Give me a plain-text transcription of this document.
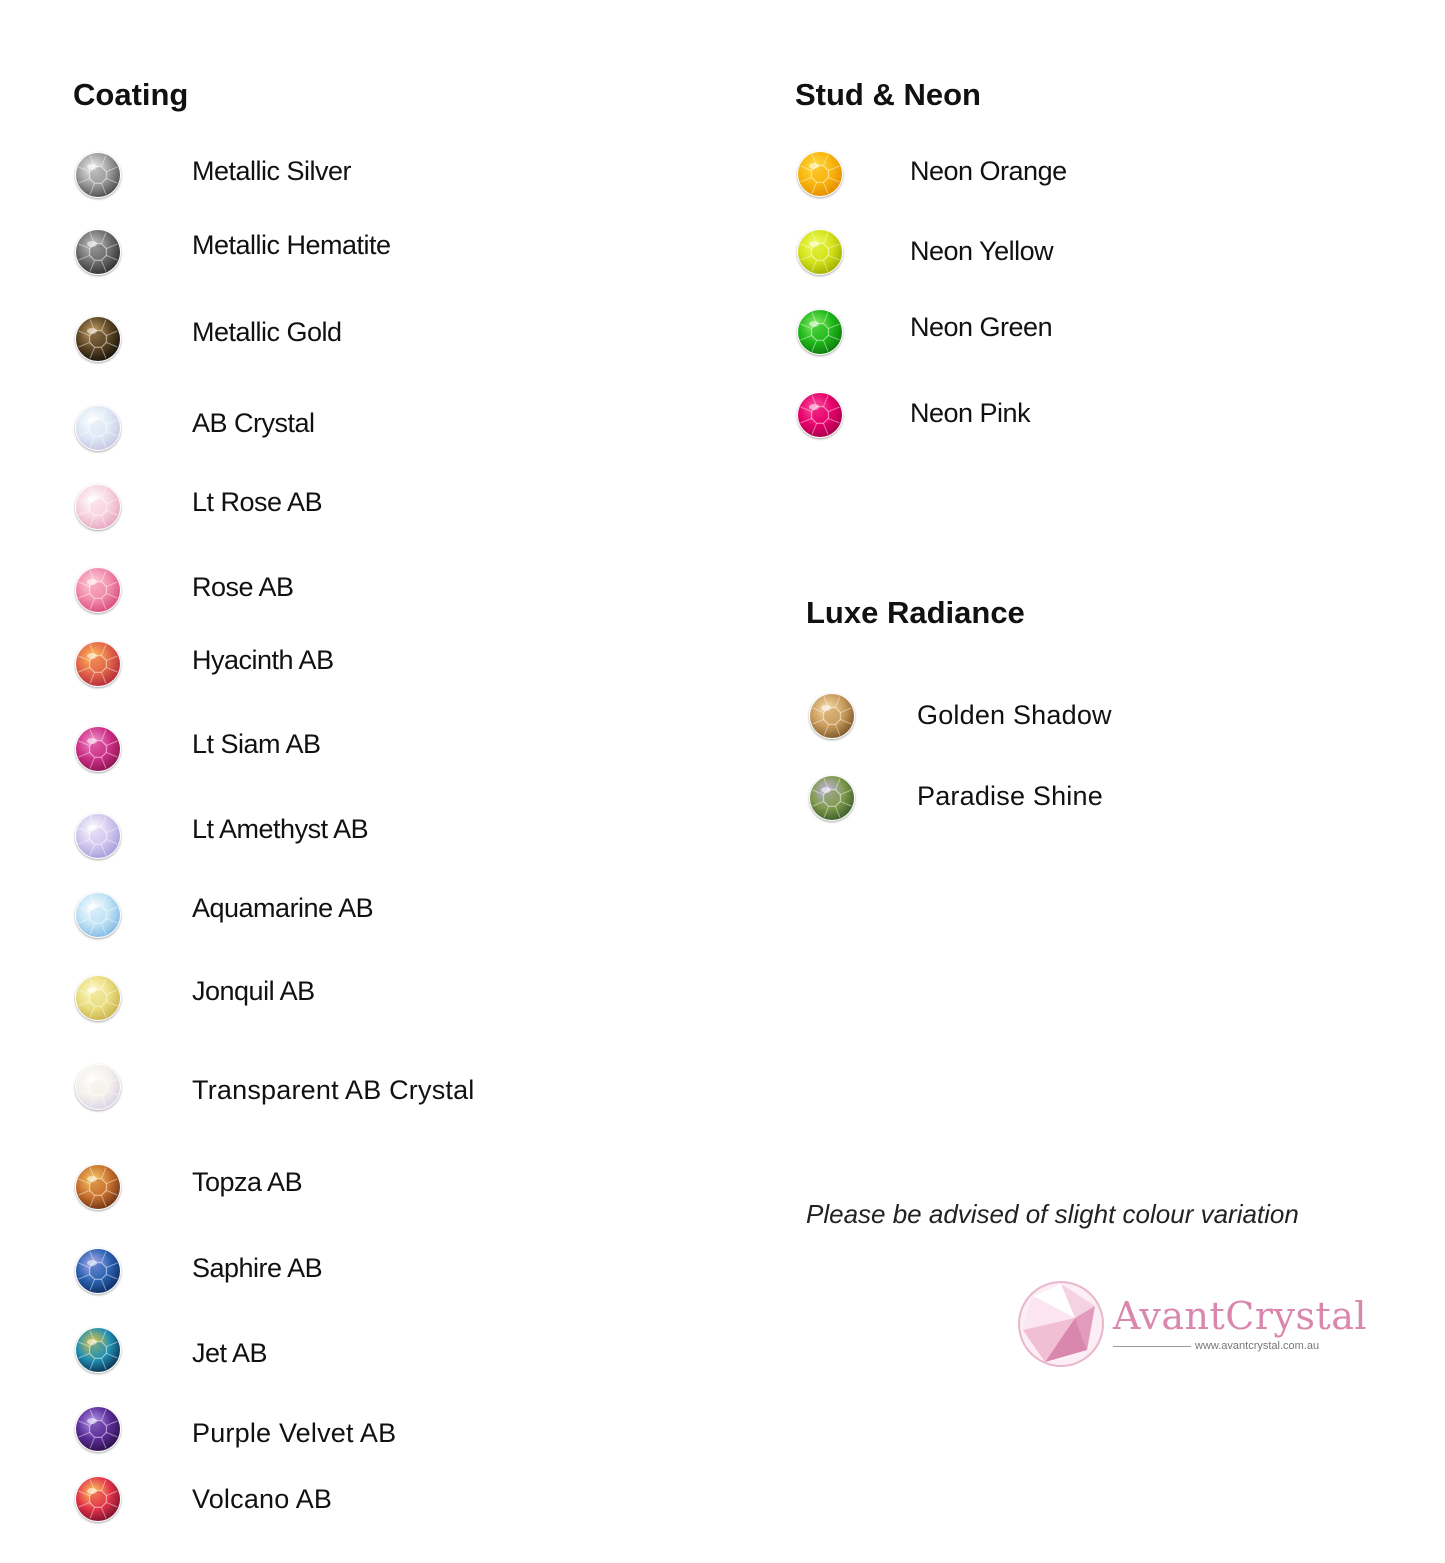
Coating	Stud & Neon
Luxe Radiance
Metallic Silver
Metallic Hematite
Metallic Gold
AB Crystal
Lt Rose AB
Rose AB
Hyacinth AB
Lt Siam AB
Lt Amethyst AB
Aquamarine AB
Jonquil AB
Transparent AB Crystal
Topza AB
Saphire AB
Jet AB
Purple Velvet AB
Volcano AB
Neon Orange
Neon Yellow
Neon Green
Neon Pink
Golden Shadow
Paradise Shine
Please be advised of slight colour variation
AvantCrystal
www.avantcrystal.com.au
